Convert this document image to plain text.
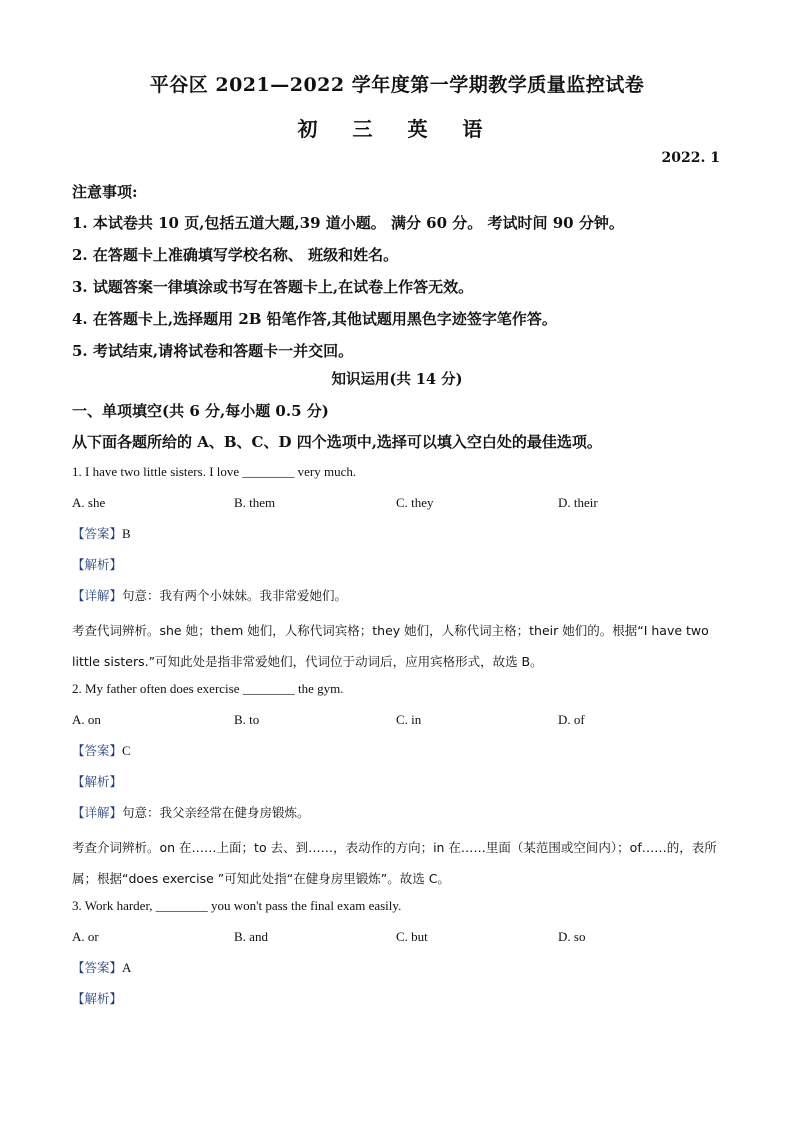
平谷区 2021—2022 学年度第一学期教学质量监控试卷
初 三 英 语
2022. 1
注意事项:
1. 本试卷共 10 页,包括五道大题,39 道小题。 满分 60 分。 考试时间 90 分钟。
2. 在答题卡上准确填写学校名称、 班级和姓名。
3. 试题答案一律填涂或书写在答题卡上,在试卷上作答无效。
4. 在答题卡上,选择题用 2B 铅笔作答,其他试题用黑色字迹签字笔作答。
5. 考试结束,请将试卷和答题卡一并交回。
知识运用(共 14 分)
一、单项填空(共 6 分,每小题 0.5 分)
从下面各题所给的 A、B、C、D 四个选项中,选择可以填入空白处的最佳选项。
1. I have two little sisters. I love ________ very much.
A. she	B. them	C. they	D. their
【答案】B
【解析】
【详解】句意：我有两个小妹妹。我非常爱她们。
考查代词辨析。she 她；them 她们，人称代词宾格；they 她们，人称代词主格；their 她们的。根据“I have two little sisters.”可知此处是指非常爱她们，代词位于动词后，应用宾格形式，故选 B。
2. My father often does exercise ________ the gym.
A. on	B. to	C. in	D. of
【答案】C
【解析】
【详解】句意：我父亲经常在健身房锻炼。
考查介词辨析。on 在……上面；to 去、到……，表动作的方向；in 在……里面（某范围或空间内）；of……的，表所属；根据“does exercise ”可知此处指“在健身房里锻炼”。故选 C。
3. Work harder, ________ you won't pass the final exam easily.
A. or	B. and	C. but	D. so
【答案】A
【解析】
